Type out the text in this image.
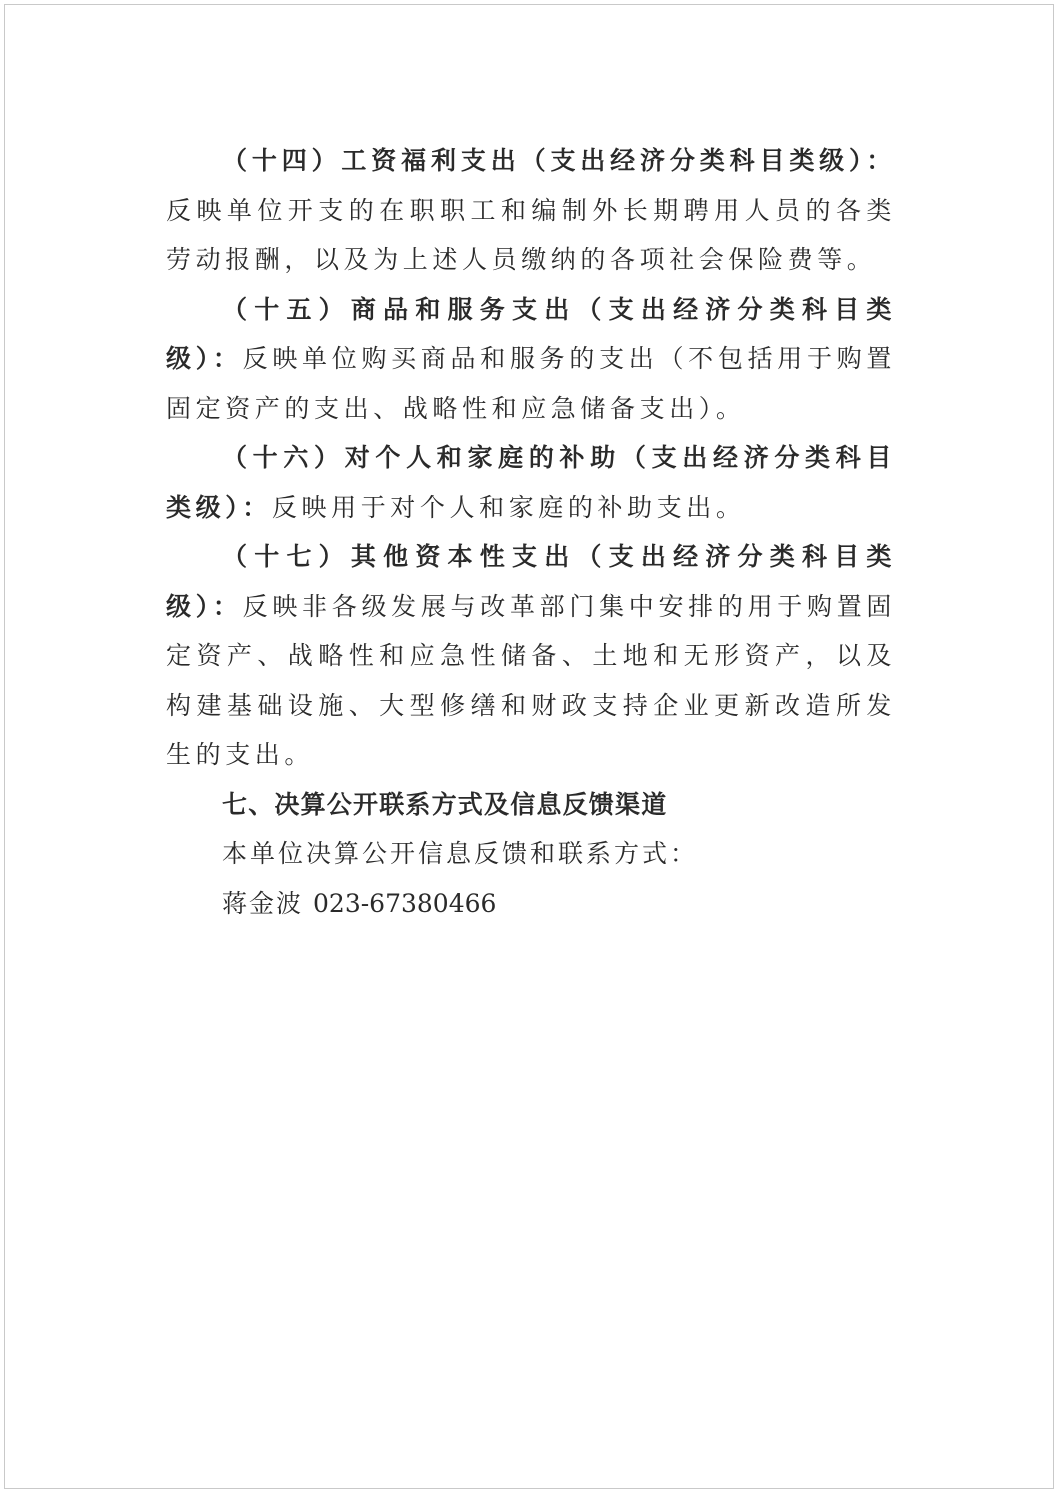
（十四）工资福利支出（支出经济分类科目类级）：反映单位开支的在职职工和编制外长期聘用人员的各类劳动报酬，以及为上述人员缴纳的各项社会保险费等。

（十五）商品和服务支出（支出经济分类科目类级）：反映单位购买商品和服务的支出（不包括用于购置固定资产的支出、战略性和应急储备支出）。

（十六）对个人和家庭的补助（支出经济分类科目类级）：反映用于对个人和家庭的补助支出。

（十七）其他资本性支出（支出经济分类科目类级）：反映非各级发展与改革部门集中安排的用于购置固定资产、战略性和应急性储备、土地和无形资产，以及构建基础设施、大型修缮和财政支持企业更新改造所发生的支出。

七、决算公开联系方式及信息反馈渠道

本单位决算公开信息反馈和联系方式：

蒋金波 023-67380466
